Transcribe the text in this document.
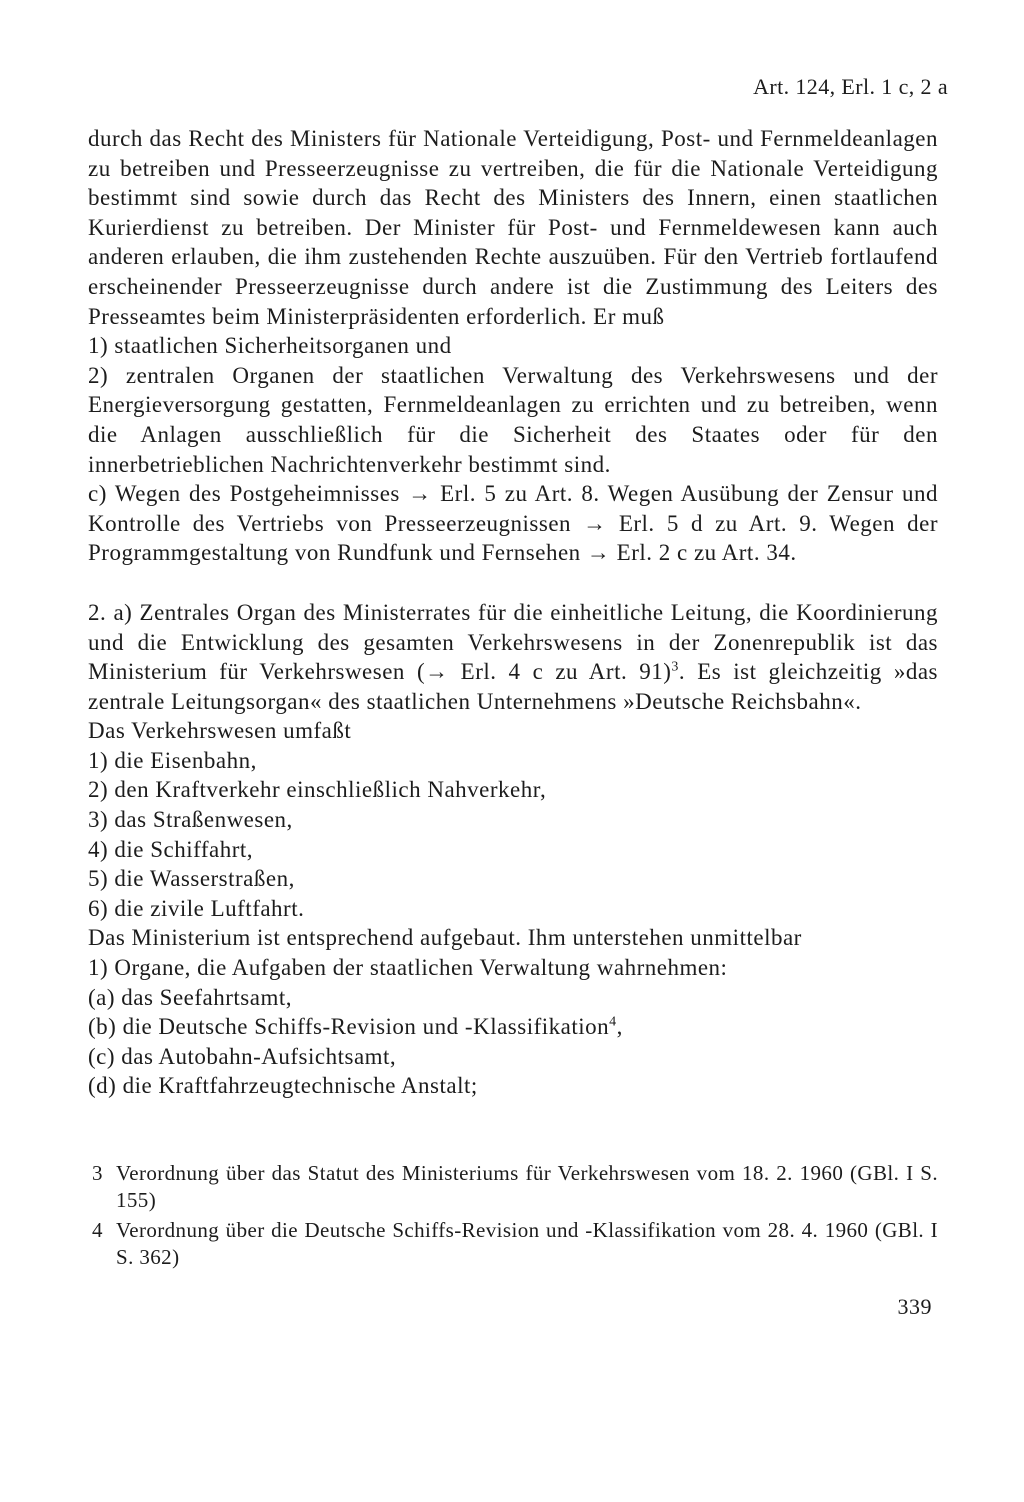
Art. 124, Erl. 1 c, 2 a

durch das Recht des Ministers für Nationale Verteidigung, Post- und Fernmeldeanlagen zu betreiben und Presseerzeugnisse zu vertreiben, die für die Nationale Verteidigung bestimmt sind sowie durch das Recht des Ministers des Innern, einen staatlichen Kurierdienst zu betreiben. Der Minister für Post- und Fernmeldewesen kann auch anderen erlauben, die ihm zustehenden Rechte auszuüben. Für den Vertrieb fortlaufend erscheinender Presseerzeugnisse durch andere ist die Zustimmung des Leiters des Presseamtes beim Ministerpräsidenten erforderlich. Er muß

1) staatlichen Sicherheitsorganen und

2) zentralen Organen der staatlichen Verwaltung des Verkehrswesens und der Energieversorgung gestatten, Fernmeldeanlagen zu errichten und zu betreiben, wenn die Anlagen ausschließlich für die Sicherheit des Staates oder für den innerbetrieblichen Nachrichtenverkehr bestimmt sind.

c) Wegen des Postgeheimnisses → Erl. 5 zu Art. 8. Wegen Ausübung der Zensur und Kontrolle des Vertriebs von Presseerzeugnissen → Erl. 5 d zu Art. 9. Wegen der Programmgestaltung von Rundfunk und Fernsehen → Erl. 2 c zu Art. 34.

2. a) Zentrales Organ des Ministerrates für die einheitliche Leitung, die Koordinierung und die Entwicklung des gesamten Verkehrswesens in der Zonenrepublik ist das Ministerium für Verkehrswesen (→ Erl. 4 c zu Art. 91)$^3$. Es ist gleichzeitig »das zentrale Leitungsorgan« des staatlichen Unternehmens »Deutsche Reichsbahn«.

Das Verkehrswesen umfaßt

1) die Eisenbahn,

2) den Kraftverkehr einschließlich Nahverkehr,

3) das Straßenwesen,

4) die Schiffahrt,

5) die Wasserstraßen,

6) die zivile Luftfahrt.

Das Ministerium ist entsprechend aufgebaut. Ihm unterstehen unmittelbar

1) Organe, die Aufgaben der staatlichen Verwaltung wahrnehmen:

(a) das Seefahrtsamt,

(b) die Deutsche Schiffs-Revision und -Klassifikation$^4$,

(c) das Autobahn-Aufsichtsamt,

(d) die Kraftfahrzeugtechnische Anstalt;

3 Verordnung über das Statut des Ministeriums für Verkehrswesen vom 18. 2. 1960 (GBl. I S. 155)
4 Verordnung über die Deutsche Schiffs-Revision und -Klassifikation vom 28. 4. 1960 (GBl. I S. 362)
339
